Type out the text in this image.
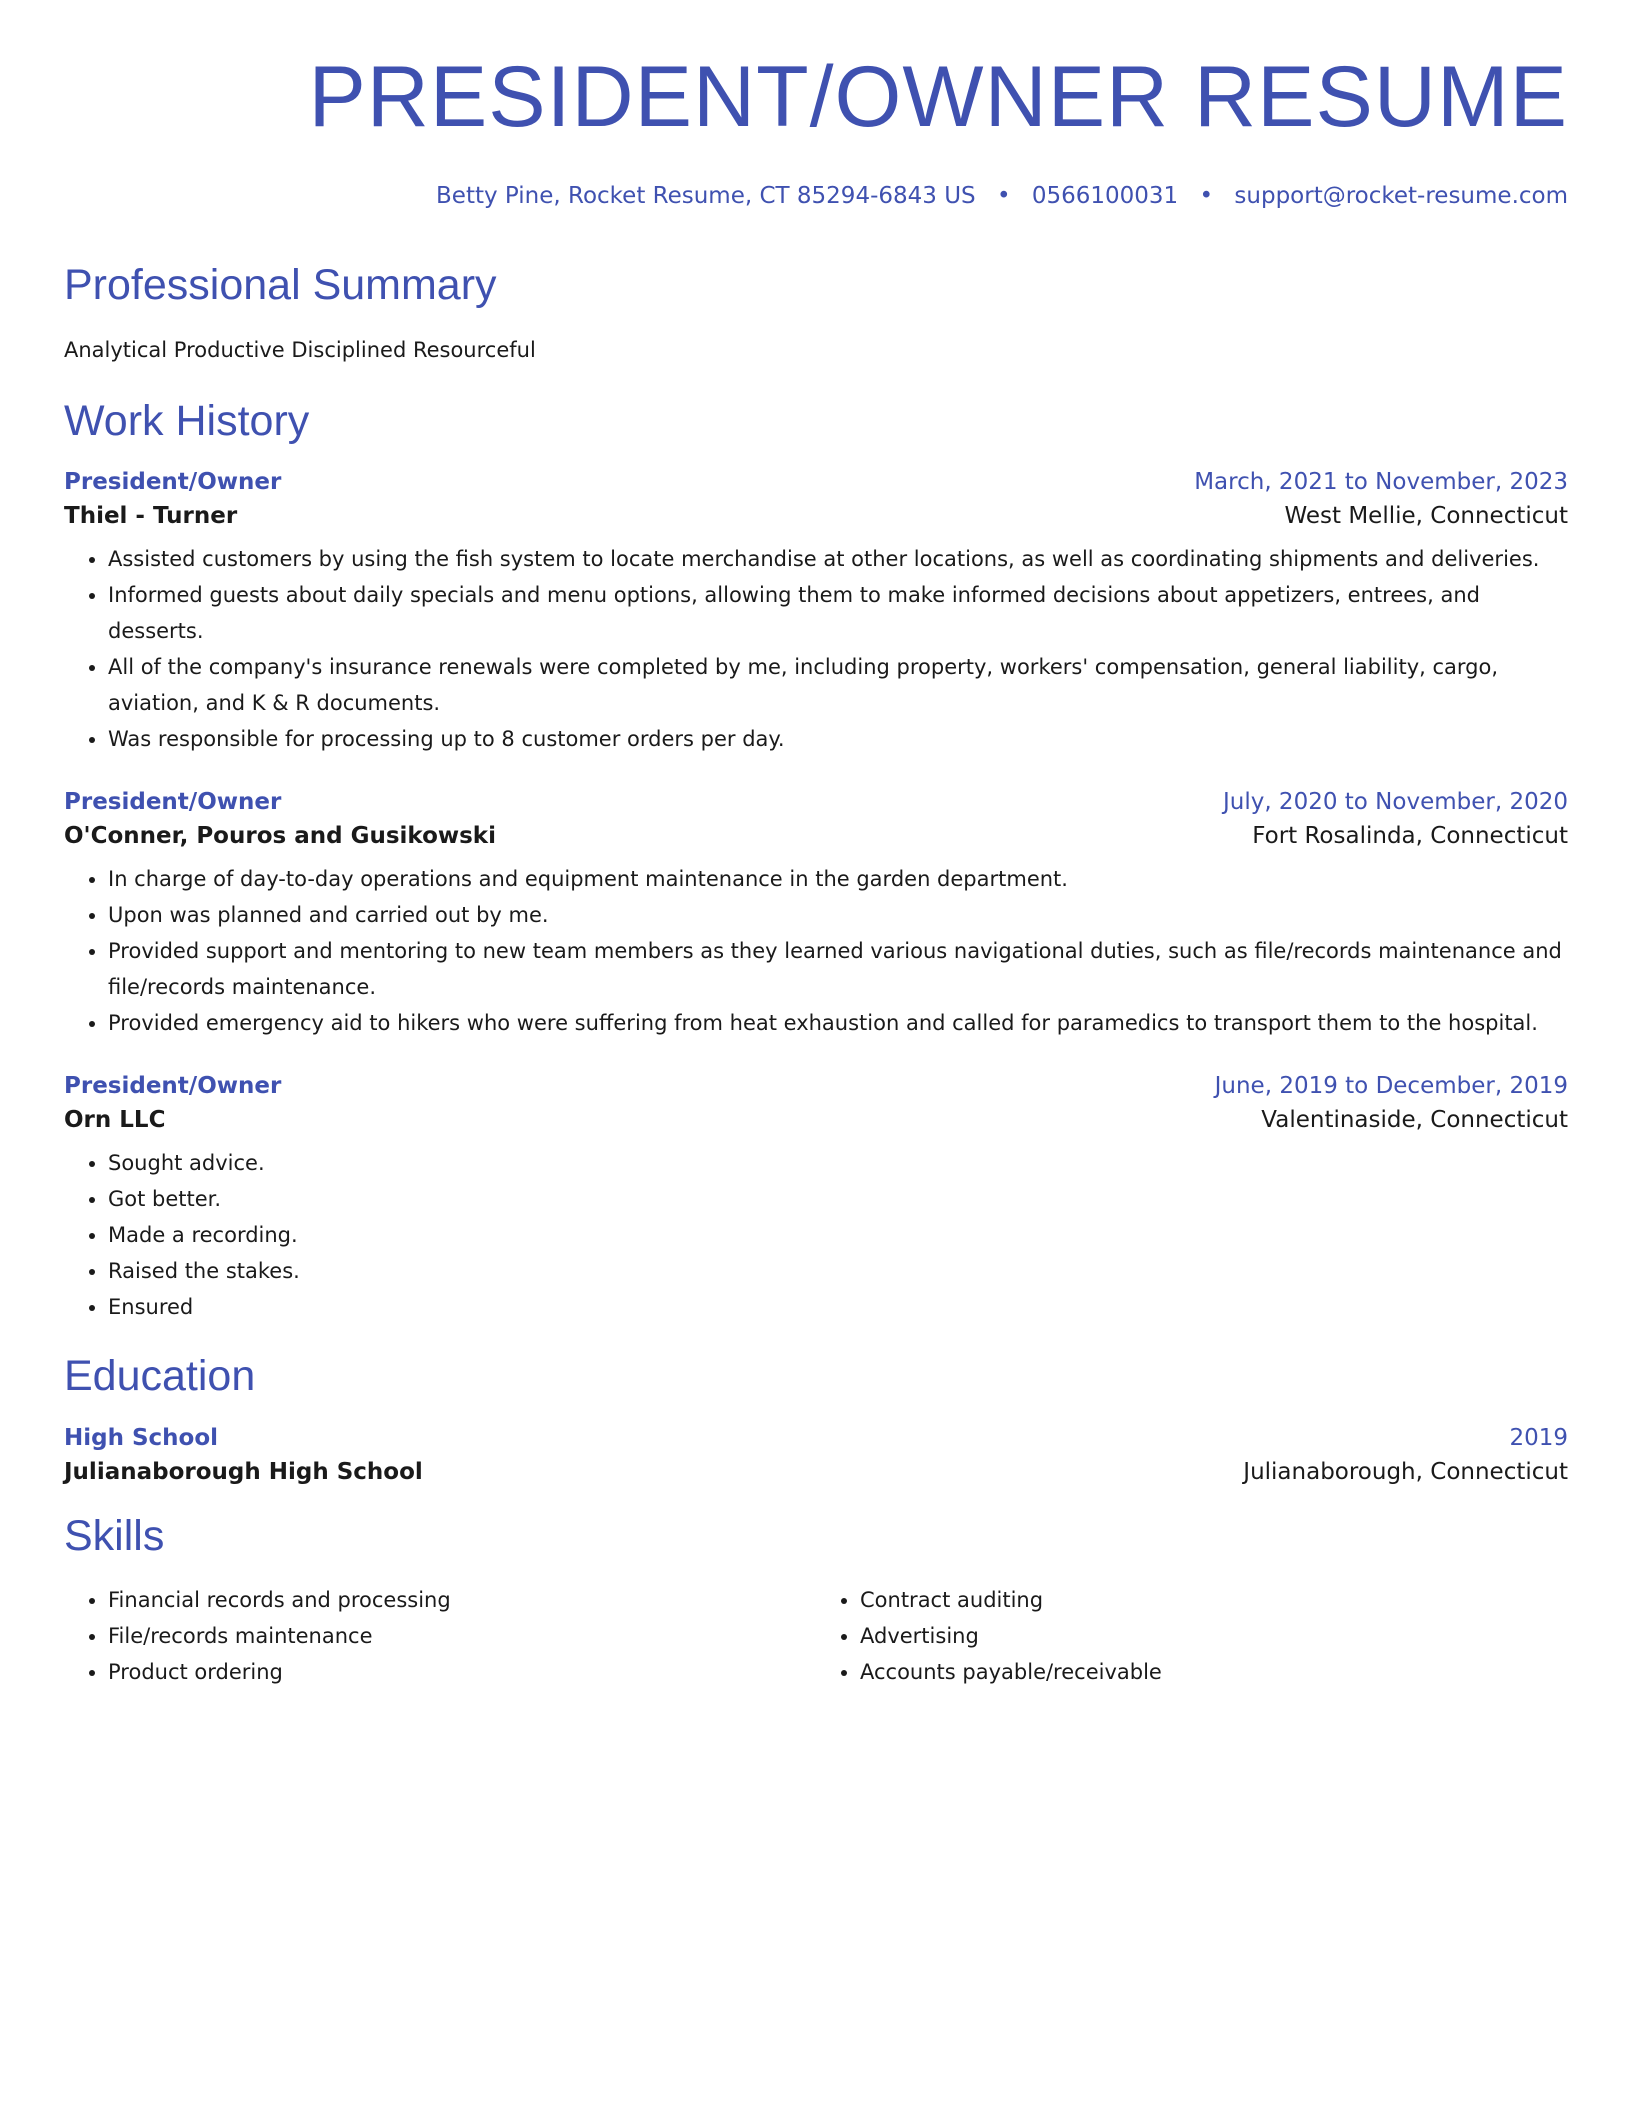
PRESIDENT/OWNER RESUME
Betty Pine, Rocket Resume, CT 85294-6843 US • 0566100031 • support@rocket-resume.com
Professional Summary
Analytical Productive Disciplined Resourceful
Work History
President/Owner	March, 2021 to November, 2023
Thiel - Turner	West Mellie, Connecticut
• Assisted customers by using the fish system to locate merchandise at other locations, as well as coordinating shipments and deliveries.
• Informed guests about daily specials and menu options, allowing them to make informed decisions about appetizers, entrees, and desserts.
• All of the company's insurance renewals were completed by me, including property, workers' compensation, general liability, cargo, aviation, and K & R documents.
• Was responsible for processing up to 8 customer orders per day.
President/Owner	July, 2020 to November, 2020
O'Conner, Pouros and Gusikowski	Fort Rosalinda, Connecticut
• In charge of day-to-day operations and equipment maintenance in the garden department.
• Upon was planned and carried out by me.
• Provided support and mentoring to new team members as they learned various navigational duties, such as file/records maintenance and file/records maintenance.
• Provided emergency aid to hikers who were suffering from heat exhaustion and called for paramedics to transport them to the hospital.
President/Owner	June, 2019 to December, 2019
Orn LLC	Valentinaside, Connecticut
• Sought advice.
• Got better.
• Made a recording.
• Raised the stakes.
• Ensured
Education
High School	2019
Julianaborough High School	Julianaborough, Connecticut
Skills
• Financial records and processing
• File/records maintenance
• Product ordering
• Contract auditing
• Advertising
• Accounts payable/receivable
